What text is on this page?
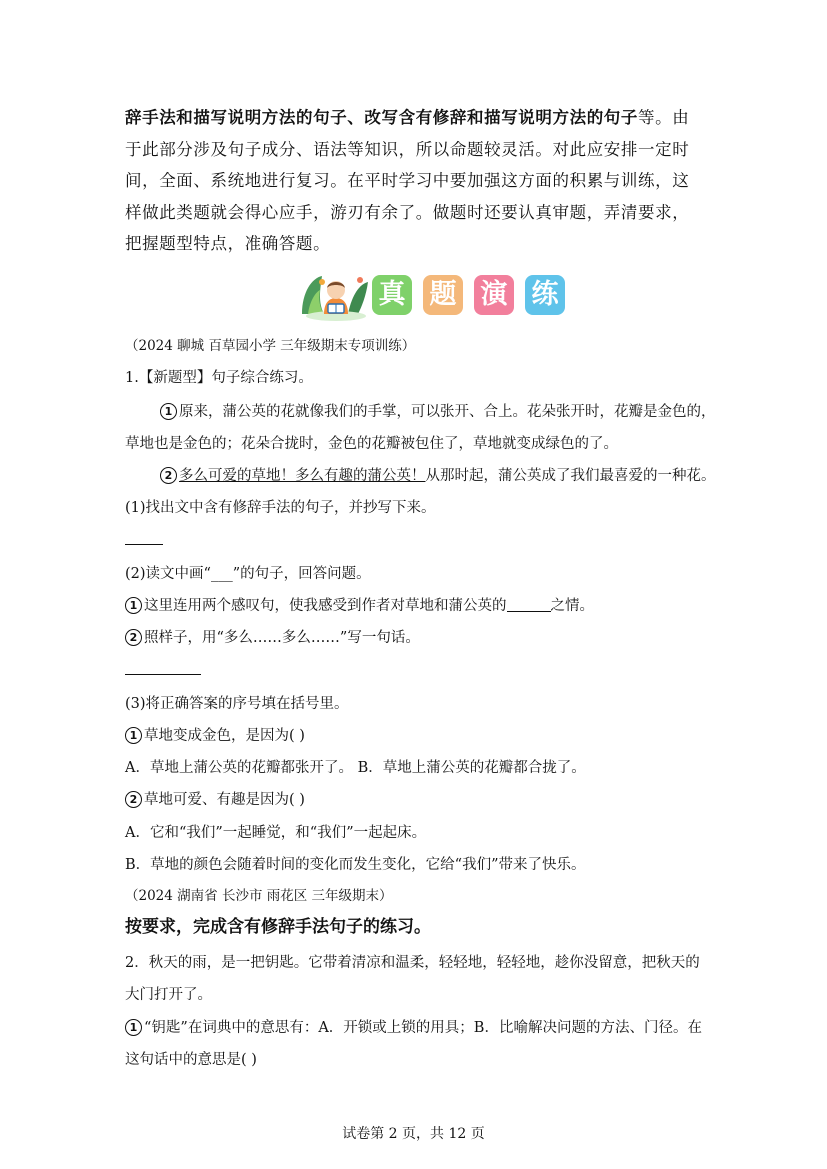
辞手法和描写说明方法的句子、改写含有修辞和描写说明方法的句子等。由于此部分涉及句子成分、语法等知识，所以命题较灵活。对此应安排一定时间，全面、系统地进行复习。在平时学习中要加强这方面的积累与训练，这样做此类题就会得心应手，游刃有余了。做题时还要认真审题，弄清要求，把握题型特点，准确答题。
真 题 演 练
（2024 聊城 百草园小学 三年级期末专项训练）
1.【新题型】句子综合练习。
1 原来，蒲公英的花就像我们的手掌，可以张开、合上。花朵张开时，花瓣是金色的，
草地也是金色的；花朵合拢时，金色的花瓣被包住了，草地就变成绿色的了。
2 多么可爱的草地！多么有趣的蒲公英！从那时起，蒲公英成了我们最喜爱的一种花。
(1)找出文中含有修辞手法的句子，并抄写下来。
(2)读文中画“___”的句子，回答问题。
1 这里连用两个感叹句，使我感受到作者对草地和蒲公英的	之情。
2 照样子，用“多么……多么……”写一句话。
(3)将正确答案的序号填在括号里。
1 草地变成金色，是因为( )
A．草地上蒲公英的花瓣都张开了。 B．草地上蒲公英的花瓣都合拢了。
2 草地可爱、有趣是因为( )
A．它和“我们”一起睡觉，和“我们”一起起床。
B．草地的颜色会随着时间的变化而发生变化，它给“我们”带来了快乐。
（2024 湖南省 长沙市 雨花区 三年级期末）
按要求，完成含有修辞手法句子的练习。
2．秋天的雨，是一把钥匙。它带着清凉和温柔，轻轻地，轻轻地，趁你没留意，把秋天的
大门打开了。
1 “钥匙”在词典中的意思有：A．开锁或上锁的用具；B．比喻解决问题的方法、门径。在
这句话中的意思是( )
试卷第 2 页，共 12 页
